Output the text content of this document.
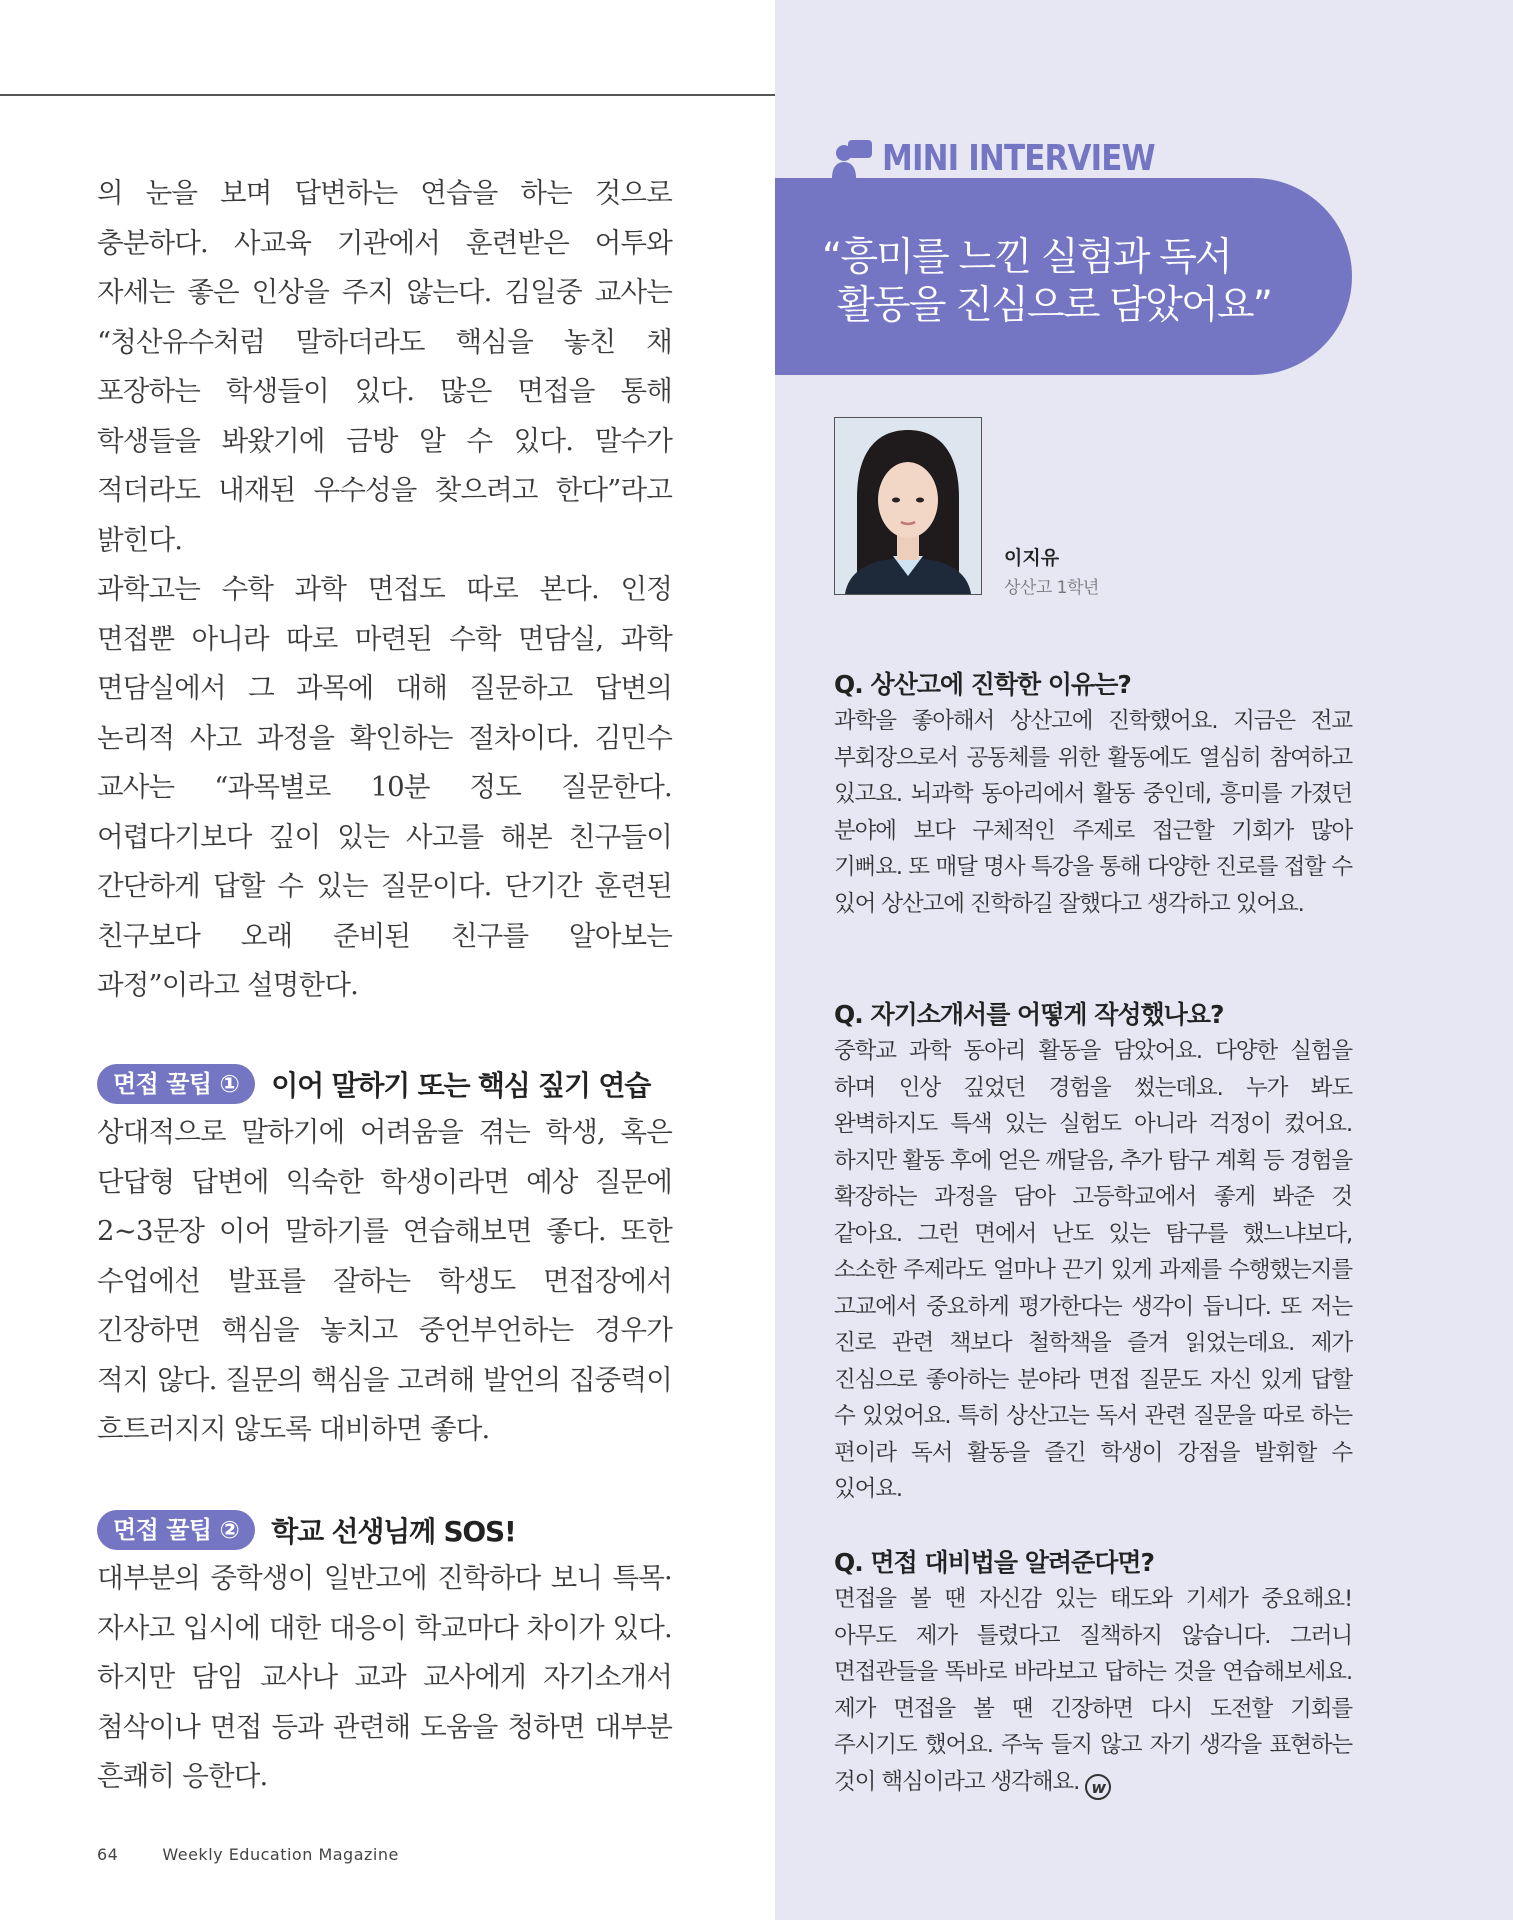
의 눈을 보며 답변하는 연습을 하는 것으로 충분하다. 사교육 기관에서 훈련받은 어투와 자세는 좋은 인상을 주지 않는다. 김일중 교사는 “청산유수처럼 말하더라도 핵심을 놓친 채 포장하는 학생들이 있다. 많은 면접을 통해 학생들을 봐왔기에 금방 알 수 있다. 말수가 적더라도 내재된 우수성을 찾으려고 한다”라고 밝힌다.

과학고는 수학 과학 면접도 따로 본다. 인정 면접뿐 아니라 따로 마련된 수학 면담실, 과학 면담실에서 그 과목에 대해 질문하고 답변의 논리적 사고 과정을 확인하는 절차이다. 김민수 교사는 “과목별로 10분 정도 질문한다. 어렵다기보다 깊이 있는 사고를 해본 친구들이 간단하게 답할 수 있는 질문이다. 단기간 훈련된 친구보다 오래 준비된 친구를 알아보는 과정”이라고 설명한다.

면접 꿀팁 ①	이어 말하기 또는 핵심 짚기 연습

상대적으로 말하기에 어려움을 겪는 학생, 혹은 단답형 답변에 익숙한 학생이라면 예상 질문에 2~3문장 이어 말하기를 연습해보면 좋다. 또한 수업에선 발표를 잘하는 학생도 면접장에서 긴장하면 핵심을 놓치고 중언부언하는 경우가 적지 않다. 질문의 핵심을 고려해 발언의 집중력이 흐트러지지 않도록 대비하면 좋다.

면접 꿀팁 ②	학교 선생님께 SOS!

대부분의 중학생이 일반고에 진학하다 보니 특목·자사고 입시에 대한 대응이 학교마다 차이가 있다. 하지만 담임 교사나 교과 교사에게 자기소개서 첨삭이나 면접 등과 관련해 도움을 청하면 대부분 흔쾌히 응한다.

64	Weekly Education Magazine
MINI INTERVIEW
“흥미를 느낀 실험과 독서
활동을 진심으로 담았어요”
이지유
상산고 1학년
Q. 상산고에 진학한 이유는?
과학을 좋아해서 상산고에 진학했어요. 지금은 전교 부회장으로서 공동체를 위한 활동에도 열심히 참여하고 있고요. 뇌과학 동아리에서 활동 중인데, 흥미를 가졌던 분야에 보다 구체적인 주제로 접근할 기회가 많아 기뻐요. 또 매달 명사 특강을 통해 다양한 진로를 접할 수 있어 상산고에 진학하길 잘했다고 생각하고 있어요.
Q. 자기소개서를 어떻게 작성했나요?
중학교 과학 동아리 활동을 담았어요. 다양한 실험을 하며 인상 깊었던 경험을 썼는데요. 누가 봐도 완벽하지도 특색 있는 실험도 아니라 걱정이 컸어요. 하지만 활동 후에 얻은 깨달음, 추가 탐구 계획 등 경험을 확장하는 과정을 담아 고등학교에서 좋게 봐준 것 같아요. 그런 면에서 난도 있는 탐구를 했느냐보다, 소소한 주제라도 얼마나 끈기 있게 과제를 수행했는지를 고교에서 중요하게 평가한다는 생각이 듭니다. 또 저는 진로 관련 책보다 철학책을 즐겨 읽었는데요. 제가 진심으로 좋아하는 분야라 면접 질문도 자신 있게 답할 수 있었어요. 특히 상산고는 독서 관련 질문을 따로 하는 편이라 독서 활동을 즐긴 학생이 강점을 발휘할 수 있어요.
Q. 면접 대비법을 알려준다면?
면접을 볼 땐 자신감 있는 태도와 기세가 중요해요! 아무도 제가 틀렸다고 질책하지 않습니다. 그러니 면접관들을 똑바로 바라보고 답하는 것을 연습해보세요. 제가 면접을 볼 땐 긴장하면 다시 도전할 기회를 주시기도 했어요. 주눅 들지 않고 자기 생각을 표현하는 것이 핵심이라고 생각해요. w
